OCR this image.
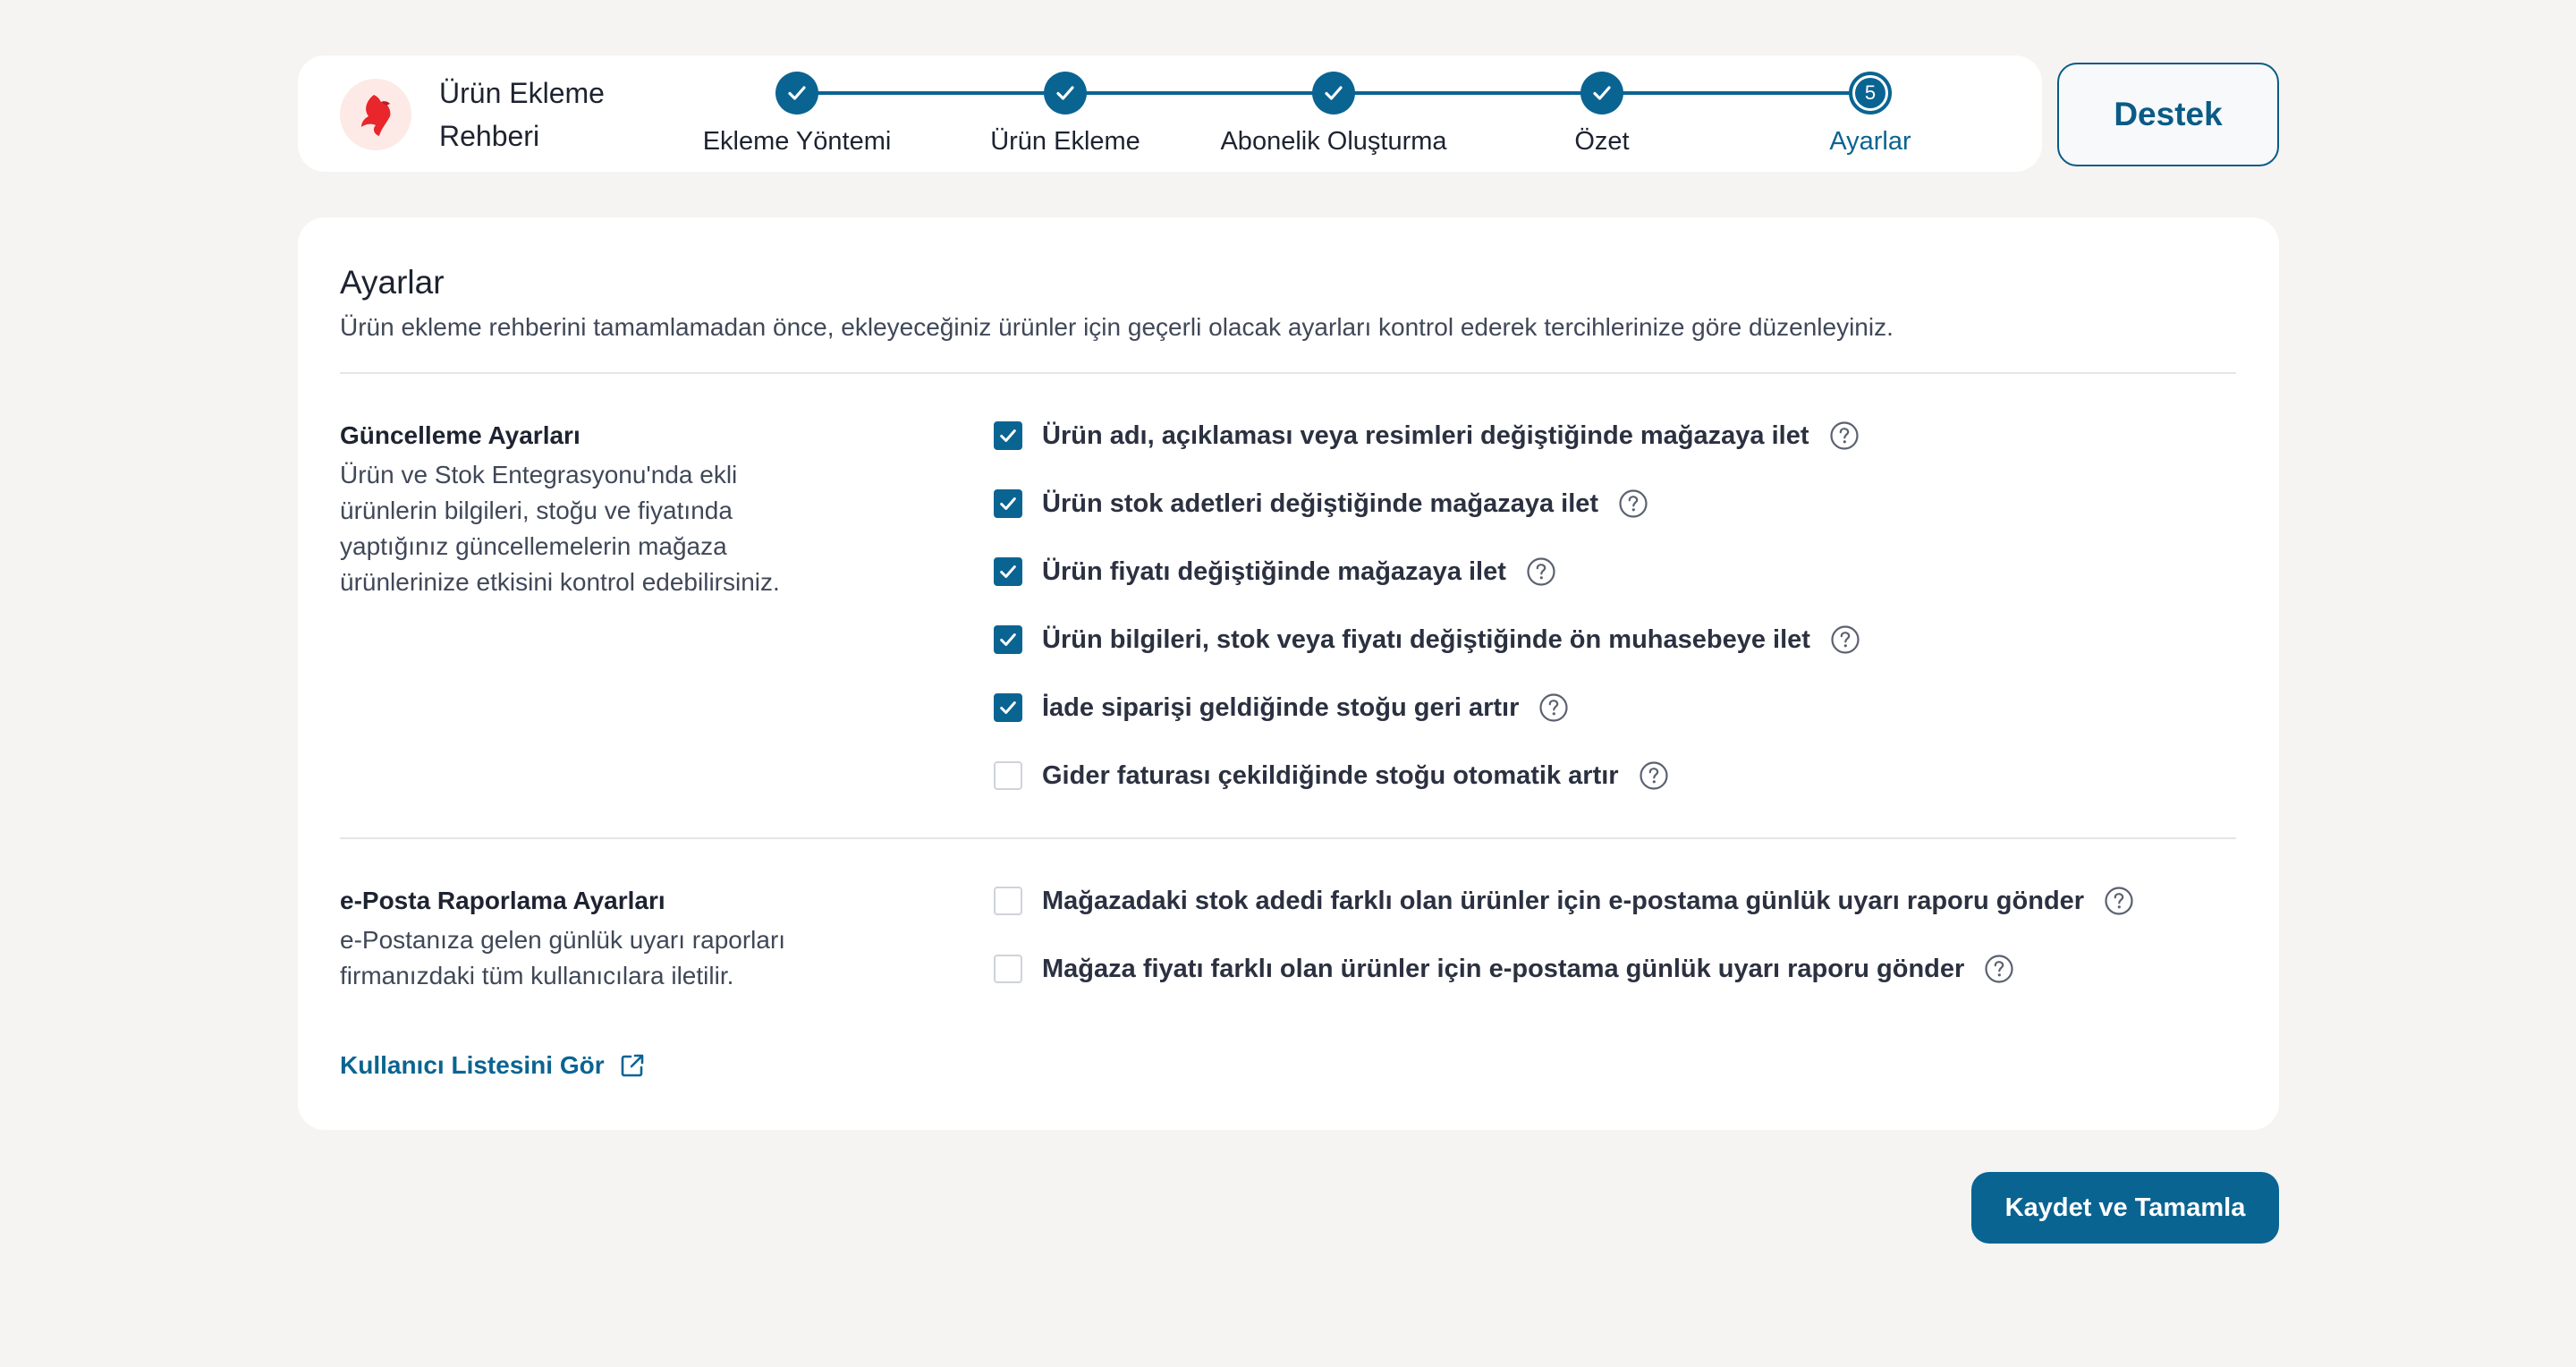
Ürün Ekleme Rehberi	Ekleme Yöntemi	Ürün Ekleme	Abonelik Oluşturma	Özet
5
Ayarlar
Destek
Ayarlar
Ürün ekleme rehberini tamamlamadan önce, ekleyeceğiniz ürünler için geçerli olacak ayarları kontrol ederek tercihlerinize göre düzenleyiniz.
Güncelleme Ayarları
Ürün ve Stok Entegrasyonu'nda ekli ürünlerin bilgileri, stoğu ve fiyatında yaptığınız güncellemelerin mağaza ürünlerinize etkisini kontrol edebilirsiniz.
Ürün adı, açıklaması veya resimleri değiştiğinde mağazaya ilet
Ürün stok adetleri değiştiğinde mağazaya ilet
Ürün fiyatı değiştiğinde mağazaya ilet
Ürün bilgileri, stok veya fiyatı değiştiğinde ön muhasebeye ilet
İade siparişi geldiğinde stoğu geri artır
Gider faturası çekildiğinde stoğu otomatik artır
e-Posta Raporlama Ayarları
e-Postanıza gelen günlük uyarı raporları firmanızdaki tüm kullanıcılara iletilir.
Kullanıcı Listesini Gör
Mağazadaki stok adedi farklı olan ürünler için e-postama günlük uyarı raporu gönder
Mağaza fiyatı farklı olan ürünler için e-postama günlük uyarı raporu gönder
Kaydet ve Tamamla
